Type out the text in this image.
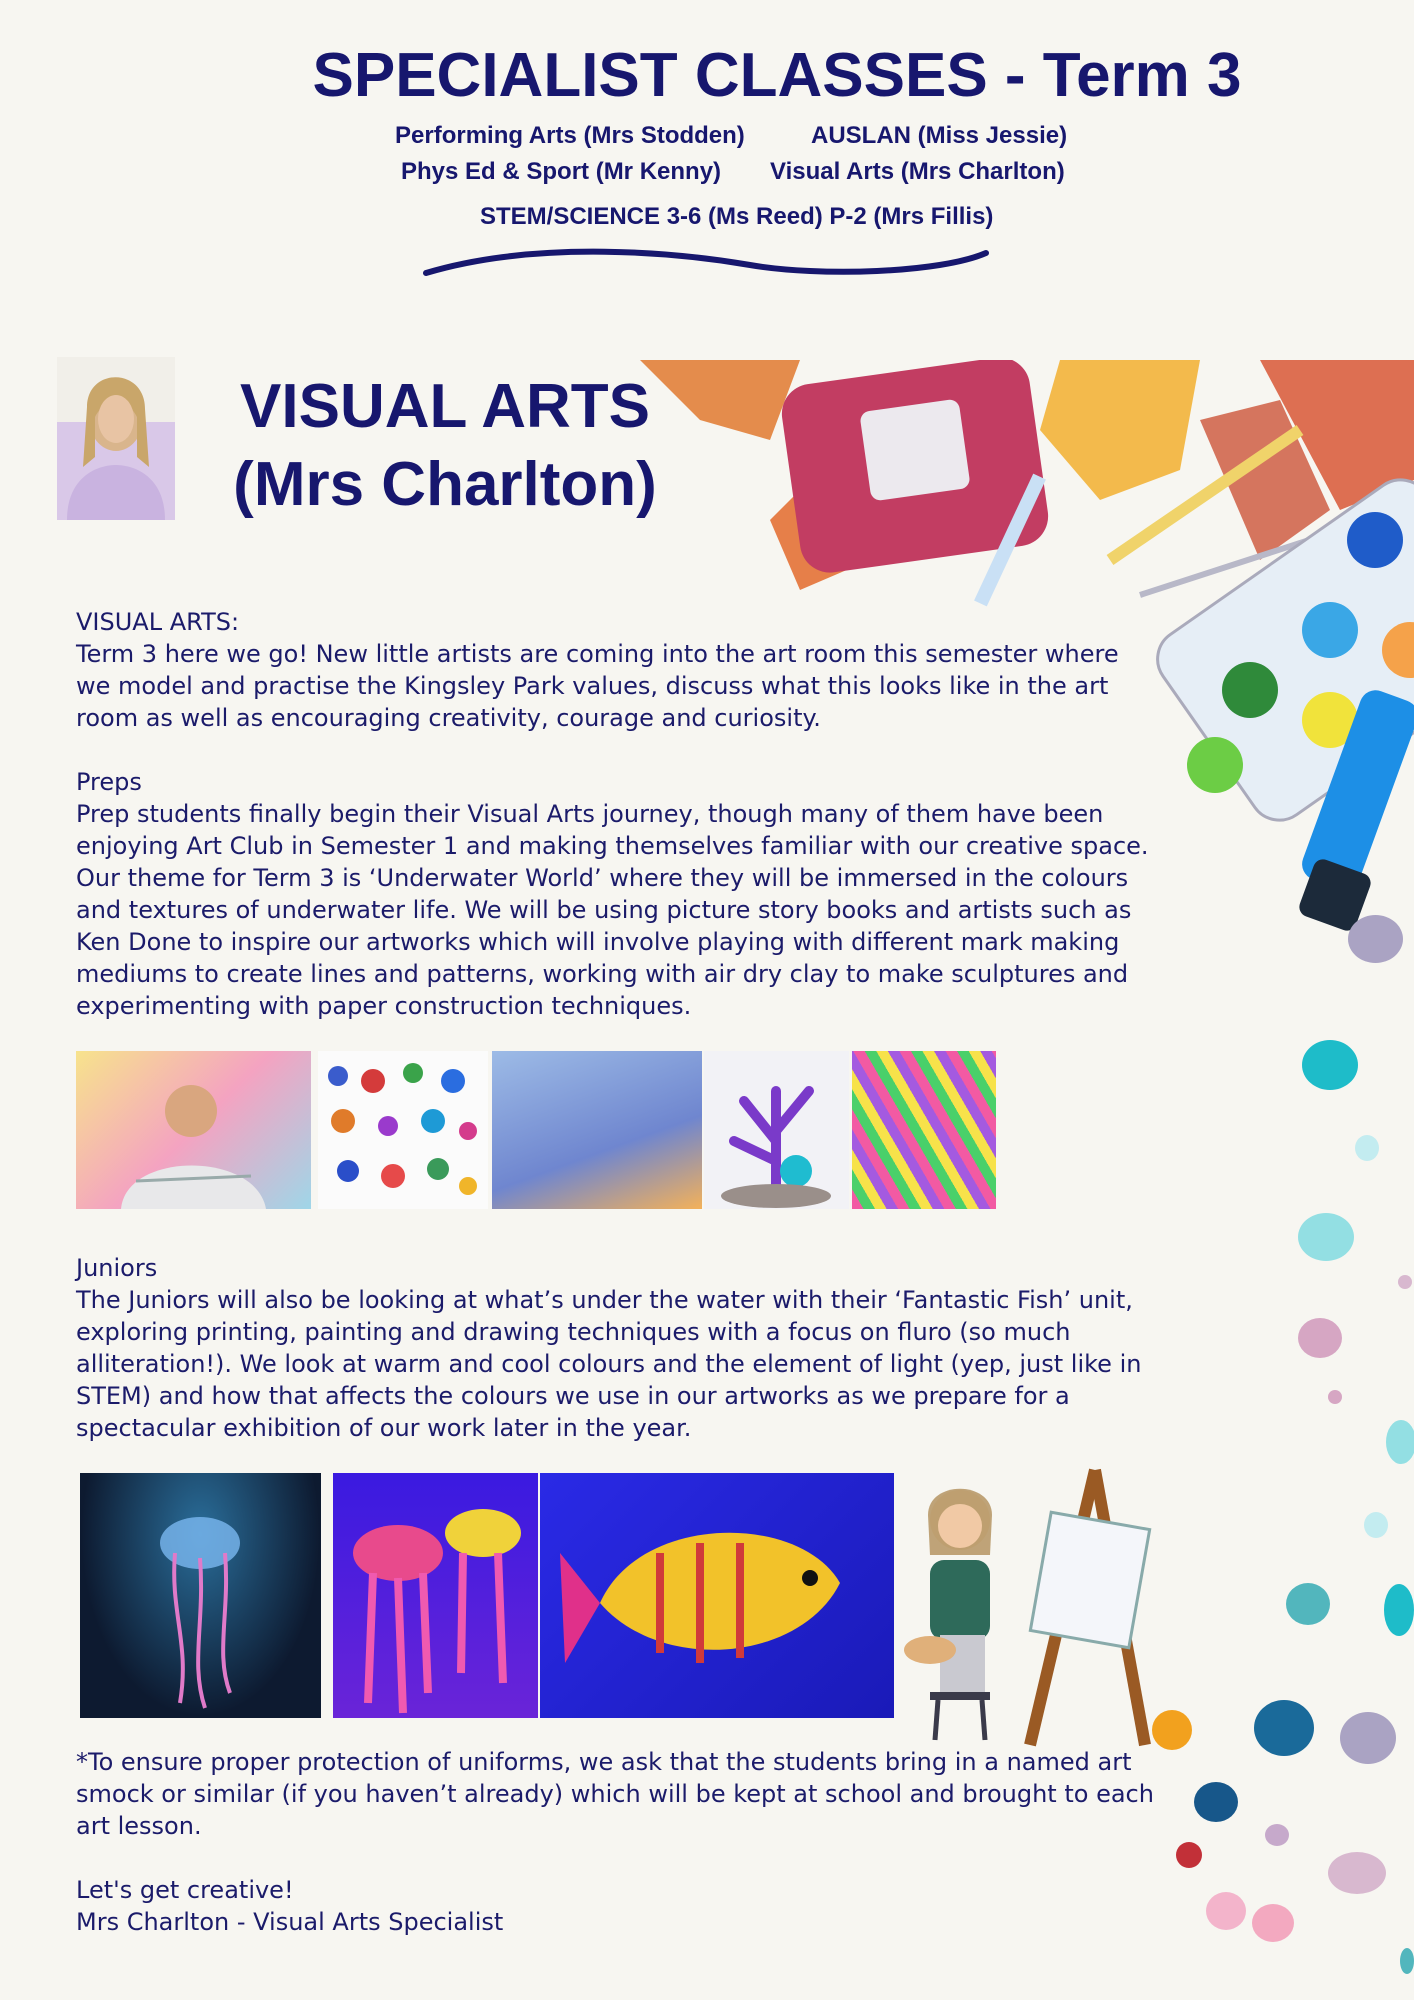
SPECIALIST CLASSES - Term 3
Performing Arts (Mrs Stodden)	AUSLAN (Miss Jessie)
Phys Ed & Sport (Mr Kenny) Visual Arts (Mrs Charlton)
STEM/SCIENCE 3-6 (Ms Reed) P-2 (Mrs Fillis)
VISUAL ARTS
(Mrs Charlton)

VISUAL ARTS:

Term 3 here we go! New little artists are coming into the art room this semester where we model and practise the Kingsley Park values, discuss what this looks like in the art room as well as encouraging creativity, courage and curiosity.

Preps

Prep students finally begin their Visual Arts journey, though many of them have been enjoying Art Club in Semester 1 and making themselves familiar with our creative space.

Our theme for Term 3 is ‘Underwater World’ where they will be immersed in the colours and textures of underwater life. We will be using picture story books and artists such as Ken Done to inspire our artworks which will involve playing with different mark making mediums to create lines and patterns, working with air dry clay to make sculptures and experimenting with paper construction techniques.

Juniors

The Juniors will also be looking at what’s under the water with their ‘Fantastic Fish’ unit, exploring printing, painting and drawing techniques with a focus on fluro (so much alliteration!). We look at warm and cool colours and the element of light (yep, just like in STEM) and how that affects the colours we use in our artworks as we prepare for a spectacular exhibition of our work later in the year.

*To ensure proper protection of uniforms, we ask that the students bring in a named art smock or similar (if you haven’t already) which will be kept at school and brought to each art lesson.

Let's get creative!

Mrs Charlton - Visual Arts Specialist
